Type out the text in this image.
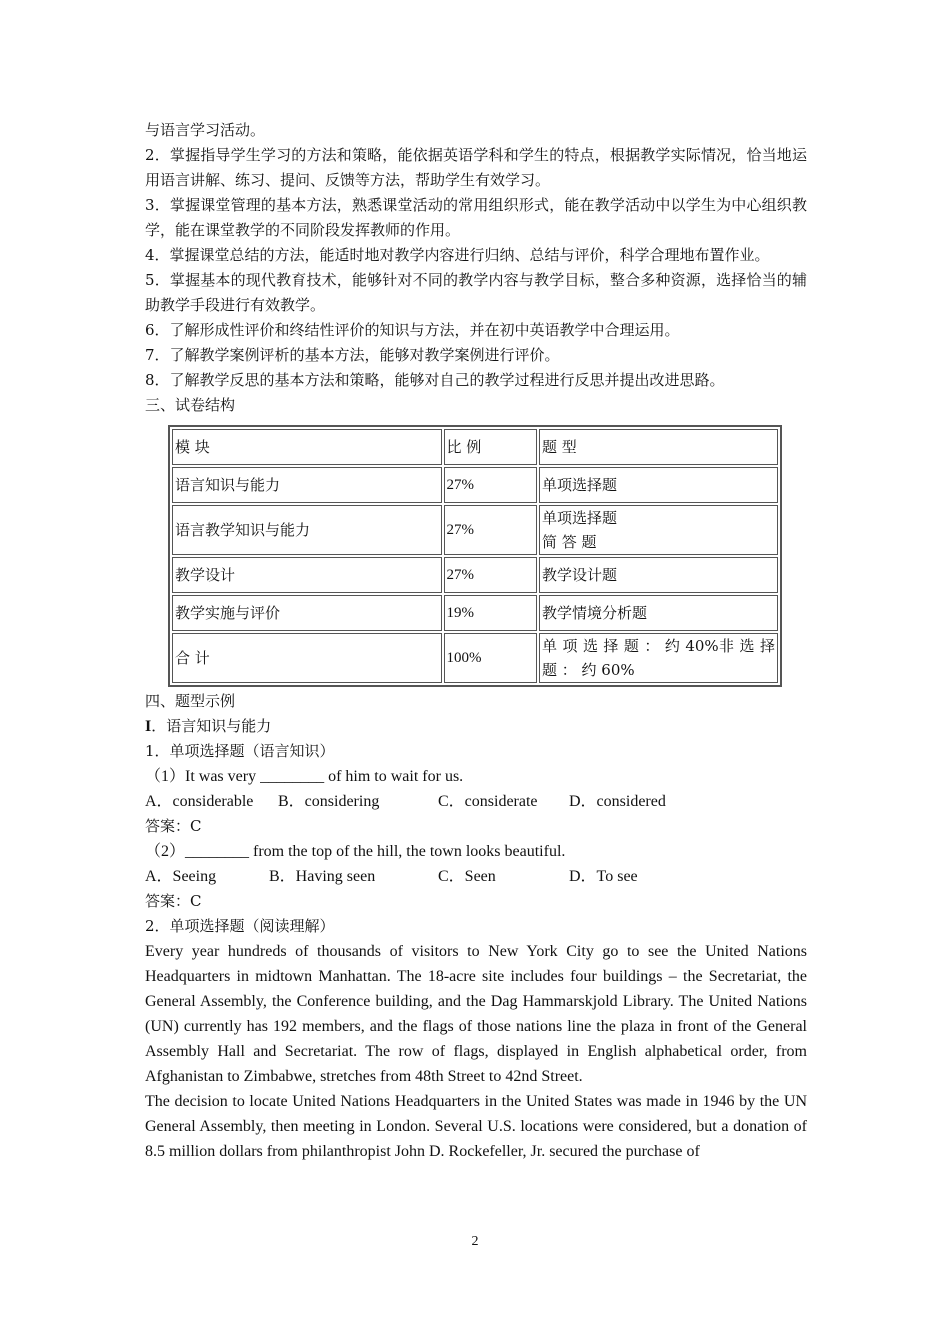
与语言学习活动。

2．掌握指导学生学习的方法和策略，能依据英语学科和学生的特点，根据教学实际情况，恰当地运用语言讲解、练习、提问、反馈等方法，帮助学生有效学习。

3．掌握课堂管理的基本方法，熟悉课堂活动的常用组织形式，能在教学活动中以学生为中心组织教学，能在课堂教学的不同阶段发挥教师的作用。

4．掌握课堂总结的方法，能适时地对教学内容进行归纳、总结与评价，科学合理地布置作业。

5．掌握基本的现代教育技术，能够针对不同的教学内容与教学目标，整合多种资源，选择恰当的辅助教学手段进行有效教学。

6．了解形成性评价和终结性评价的知识与方法，并在初中英语教学中合理运用。

7．了解教学案例评析的基本方法，能够对教学案例进行评价。

8．了解教学反思的基本方法和策略，能够对自己的教学过程进行反思并提出改进思路。

三、试卷结构

模 块	比 例	题 型
语言知识与能力	27%	单项选择题
语言教学知识与能力	27%	单项选择题
简 答 题

教学设计	27%	教学设计题
教学实施与评价	19%	教学情境分析题
合 计	100%	单 项 选 择 题 ： 约 40%非 选 择 题 ： 约 60%

四、题型示例

I．语言知识与能力

1．单项选择题（语言知识）

（1）It was very ________ of him to wait for us.

A．considerable B．considering	C．considerate D．considered

答案：C

（2）________ from the top of the hill, the town looks beautiful.

A．Seeing	B．Having seen	C．Seen	D．To see

答案：C

2．单项选择题（阅读理解）

Every year hundreds of thousands of visitors to New York City go to see the United Nations Headquarters in midtown Manhattan. The 18-acre site includes four buildings – the Secretariat, the General Assembly, the Conference building, and the Dag Hammarskjold Library. The United Nations (UN) currently has 192 members, and the flags of those nations line the plaza in front of the General Assembly Hall and Secretariat. The row of flags, displayed in English alphabetical order, from Afghanistan to Zimbabwe, stretches from 48th Street to 42nd Street.

The decision to locate United Nations Headquarters in the United States was made in 1946 by the UN General Assembly, then meeting in London. Several U.S. locations were considered, but a donation of 8.5 million dollars from philanthropist John D. Rockefeller, Jr. secured the purchase of

2
